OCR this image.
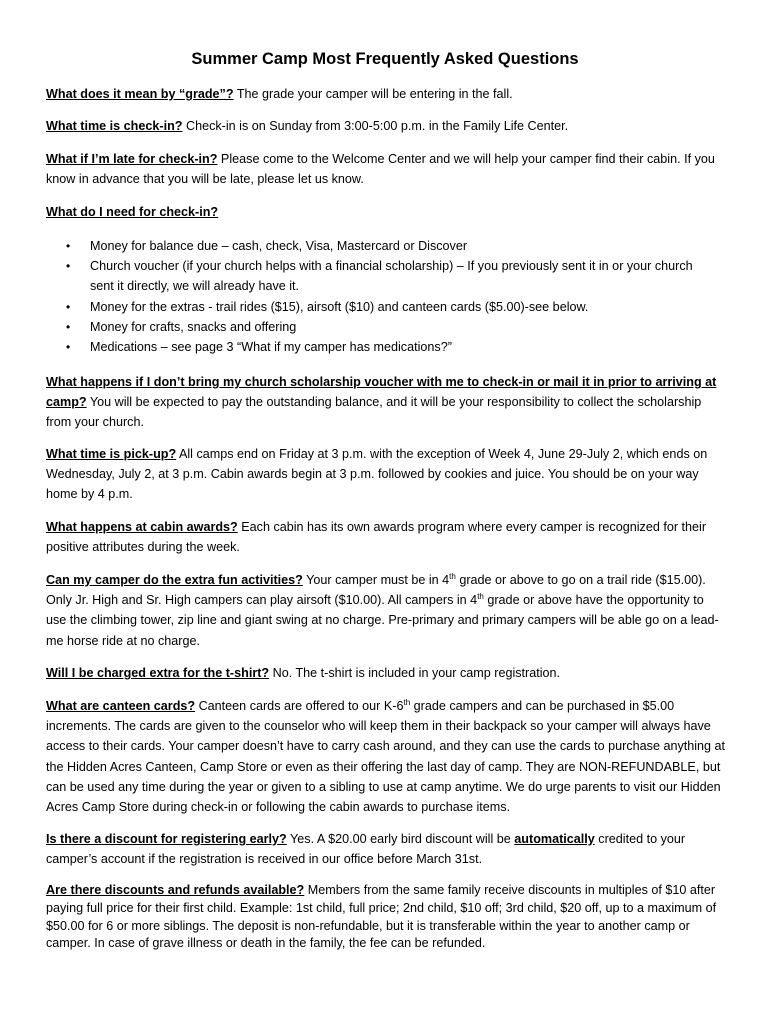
Summer Camp Most Frequently Asked Questions

What does it mean by “grade”? The grade your camper will be entering in the fall.

What time is check-in? Check-in is on Sunday from 3:00-5:00 p.m. in the Family Life Center.

What if I’m late for check-in? Please come to the Welcome Center and we will help your camper find their cabin. If you know in advance that you will be late, please let us know.

What do I need for check-in?

• Money for balance due – cash, check, Visa, Mastercard or Discover
• Church voucher (if your church helps with a financial scholarship) – If you previously sent it in or your church sent it directly, we will already have it.
• Money for the extras - trail rides ($15), airsoft ($10) and canteen cards ($5.00)-see below.
• Money for crafts, snacks and offering
• Medications – see page 3 “What if my camper has medications?”

What happens if I don’t bring my church scholarship voucher with me to check-in or mail it in prior to arriving at camp? You will be expected to pay the outstanding balance, and it will be your responsibility to collect the scholarship from your church.

What time is pick-up? All camps end on Friday at 3 p.m. with the exception of Week 4, June 29-July 2, which ends on Wednesday, July 2, at 3 p.m. Cabin awards begin at 3 p.m. followed by cookies and juice. You should be on your way home by 4 p.m.

What happens at cabin awards? Each cabin has its own awards program where every camper is recognized for their positive attributes during the week.

Can my camper do the extra fun activities? Your camper must be in 4th grade or above to go on a trail ride ($15.00). Only Jr. High and Sr. High campers can play airsoft ($10.00). All campers in 4th grade or above have the opportunity to use the climbing tower, zip line and giant swing at no charge. Pre-primary and primary campers will be able go on a lead-me horse ride at no charge.

Will I be charged extra for the t-shirt? No. The t-shirt is included in your camp registration.

What are canteen cards? Canteen cards are offered to our K-6th grade campers and can be purchased in $5.00 increments. The cards are given to the counselor who will keep them in their backpack so your camper will always have access to their cards. Your camper doesn’t have to carry cash around, and they can use the cards to purchase anything at the Hidden Acres Canteen, Camp Store or even as their offering the last day of camp. They are NON-REFUNDABLE, but can be used any time during the year or given to a sibling to use at camp anytime. We do urge parents to visit our Hidden Acres Camp Store during check-in or following the cabin awards to purchase items.

Is there a discount for registering early? Yes. A $20.00 early bird discount will be automatically credited to your camper’s account if the registration is received in our office before March 31st.

Are there discounts and refunds available? Members from the same family receive discounts in multiples of $10 after paying full price for their first child. Example: 1st child, full price; 2nd child, $10 off; 3rd child, $20 off, up to a maximum of $50.00 for 6 or more siblings. The deposit is non-refundable, but it is transferable within the year to another camp or camper. In case of grave illness or death in the family, the fee can be refunded.
